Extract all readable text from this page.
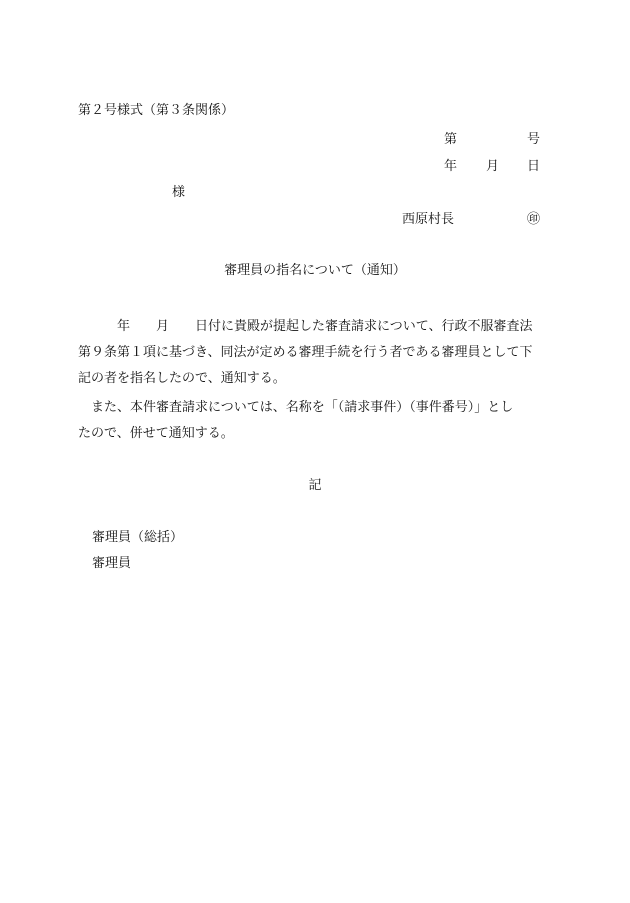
第２号様式（第３条関係）
第	号
年 月 日
様
西原村長	㊞
審理員の指名について（通知）
　　　年　　月　　日付に貴殿が提起した審査請求について、行政不服審査法
第９条第１項に基づき、同法が定める審理手続を行う者である審理員として下
記の者を指名したので、通知する。
　また、本件審査請求については、名称を「（請求事件）（事件番号）」とし
たので、併せて通知する。
記
審理員（総括）
審理員
